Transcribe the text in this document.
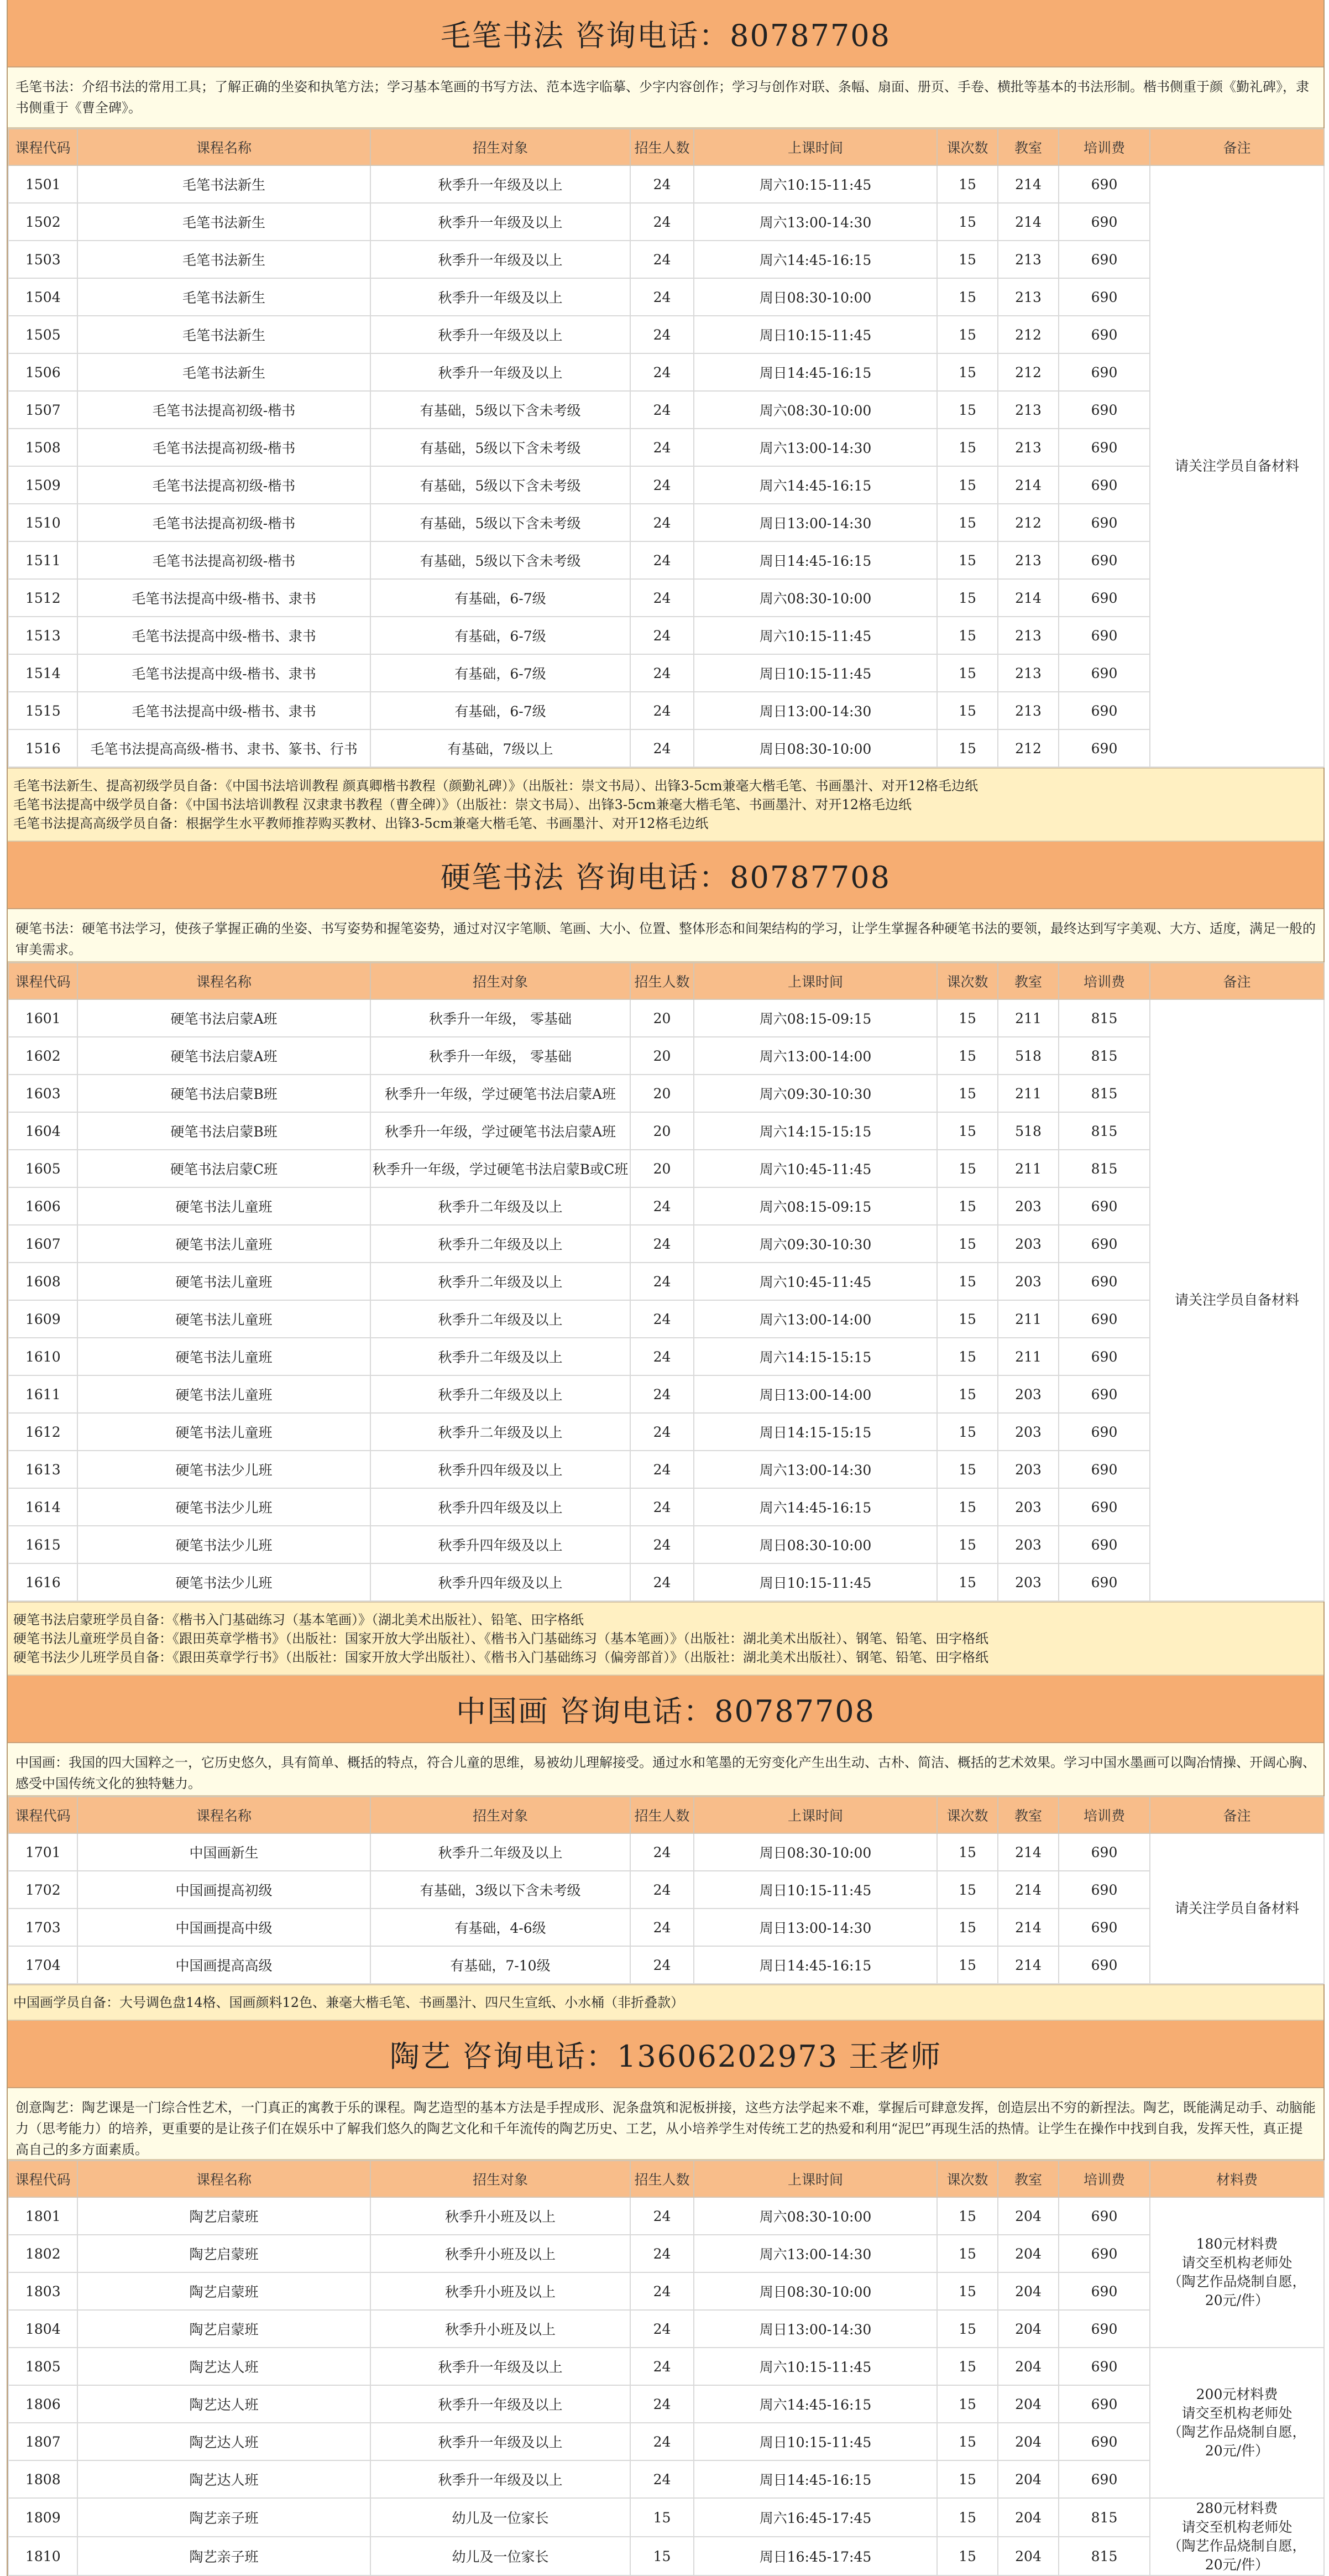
毛笔书法 咨询电话：80787708
毛笔书法：介绍书法的常用工具；了解正确的坐姿和执笔方法；学习基本笔画的书写方法、范本选字临摹、少字内容创作；学习与创作对联、条幅、扇面、册页、手卷、横批等基本的书法形制。楷书侧重于颜《勤礼碑》，隶书侧重于《曹全碑》。
课程代码	课程名称	招生对象	招生人数	上课时间	课次数	教室	培训费	备注
1501	毛笔书法新生	秋季升一年级及以上	24	周六10:15-11:45	15	214	690	请关注学员自备材料
1502	毛笔书法新生	秋季升一年级及以上	24	周六13:00-14:30	15	214	690	
1503	毛笔书法新生	秋季升一年级及以上	24	周六14:45-16:15	15	213	690	
1504	毛笔书法新生	秋季升一年级及以上	24	周日08:30-10:00	15	213	690	
1505	毛笔书法新生	秋季升一年级及以上	24	周日10:15-11:45	15	212	690	
1506	毛笔书法新生	秋季升一年级及以上	24	周日14:45-16:15	15	212	690	
1507	毛笔书法提高初级-楷书	有基础，5级以下含未考级	24	周六08:30-10:00	15	213	690	
1508	毛笔书法提高初级-楷书	有基础，5级以下含未考级	24	周六13:00-14:30	15	213	690	
1509	毛笔书法提高初级-楷书	有基础，5级以下含未考级	24	周六14:45-16:15	15	214	690	
1510	毛笔书法提高初级-楷书	有基础，5级以下含未考级	24	周日13:00-14:30	15	212	690	
1511	毛笔书法提高初级-楷书	有基础，5级以下含未考级	24	周日14:45-16:15	15	213	690	
1512	毛笔书法提高中级-楷书、隶书	有基础，6-7级	24	周六08:30-10:00	15	214	690	
1513	毛笔书法提高中级-楷书、隶书	有基础，6-7级	24	周六10:15-11:45	15	213	690	
1514	毛笔书法提高中级-楷书、隶书	有基础，6-7级	24	周日10:15-11:45	15	213	690	
1515	毛笔书法提高中级-楷书、隶书	有基础，6-7级	24	周日13:00-14:30	15	213	690	
1516	毛笔书法提高高级-楷书、隶书、篆书、行书	有基础，7级以上	24	周日08:30-10:00	15	212	690	
毛笔书法新生、提高初级学员自备：《中国书法培训教程 颜真卿楷书教程（颜勤礼碑）》（出版社：崇文书局）、出锋3-5cm兼毫大楷毛笔、书画墨汁、对开12格毛边纸
毛笔书法提高中级学员自备：《中国书法培训教程 汉隶隶书教程（曹全碑）》（出版社：崇文书局）、出锋3-5cm兼毫大楷毛笔、书画墨汁、对开12格毛边纸
毛笔书法提高高级学员自备：根据学生水平教师推荐购买教材、出锋3-5cm兼毫大楷毛笔、书画墨汁、对开12格毛边纸
硬笔书法 咨询电话：80787708
硬笔书法：硬笔书法学习，使孩子掌握正确的坐姿、书写姿势和握笔姿势，通过对汉字笔顺、笔画、大小、位置、整体形态和间架结构的学习，让学生掌握各种硬笔书法的要领，最终达到写字美观、大方、适度，满足一般的审美需求。
课程代码	课程名称	招生对象	招生人数	上课时间	课次数	教室	培训费	备注
1601	硬笔书法启蒙A班	秋季升一年级， 零基础	20	周六08:15-09:15	15	211	815	请关注学员自备材料
1602	硬笔书法启蒙A班	秋季升一年级， 零基础	20	周六13:00-14:00	15	518	815	
1603	硬笔书法启蒙B班	秋季升一年级，学过硬笔书法启蒙A班	20	周六09:30-10:30	15	211	815	
1604	硬笔书法启蒙B班	秋季升一年级，学过硬笔书法启蒙A班	20	周六14:15-15:15	15	518	815	
1605	硬笔书法启蒙C班	秋季升一年级，学过硬笔书法启蒙B或C班	20	周六10:45-11:45	15	211	815	
1606	硬笔书法儿童班	秋季升二年级及以上	24	周六08:15-09:15	15	203	690	
1607	硬笔书法儿童班	秋季升二年级及以上	24	周六09:30-10:30	15	203	690	
1608	硬笔书法儿童班	秋季升二年级及以上	24	周六10:45-11:45	15	203	690	
1609	硬笔书法儿童班	秋季升二年级及以上	24	周六13:00-14:00	15	211	690	
1610	硬笔书法儿童班	秋季升二年级及以上	24	周六14:15-15:15	15	211	690	
1611	硬笔书法儿童班	秋季升二年级及以上	24	周日13:00-14:00	15	203	690	
1612	硬笔书法儿童班	秋季升二年级及以上	24	周日14:15-15:15	15	203	690	
1613	硬笔书法少儿班	秋季升四年级及以上	24	周六13:00-14:30	15	203	690	
1614	硬笔书法少儿班	秋季升四年级及以上	24	周六14:45-16:15	15	203	690	
1615	硬笔书法少儿班	秋季升四年级及以上	24	周日08:30-10:00	15	203	690	
1616	硬笔书法少儿班	秋季升四年级及以上	24	周日10:15-11:45	15	203	690	
硬笔书法启蒙班学员自备：《楷书入门基础练习（基本笔画）》（湖北美术出版社）、铅笔、田字格纸
硬笔书法儿童班学员自备：《跟田英章学楷书》（出版社：国家开放大学出版社）、《楷书入门基础练习（基本笔画）》（出版社：湖北美术出版社）、钢笔、铅笔、田字格纸
硬笔书法少儿班学员自备：《跟田英章学行书》（出版社：国家开放大学出版社）、《楷书入门基础练习（偏旁部首）》（出版社：湖北美术出版社）、钢笔、铅笔、田字格纸
中国画 咨询电话：80787708
中国画：我国的四大国粹之一，它历史悠久，具有简单、概括的特点，符合儿童的思维，易被幼儿理解接受。通过水和笔墨的无穷变化产生出生动、古朴、简洁、概括的艺术效果。学习中国水墨画可以陶冶情操、开阔心胸、感受中国传统文化的独特魅力。
课程代码	课程名称	招生对象	招生人数	上课时间	课次数	教室	培训费	备注
1701	中国画新生	秋季升二年级及以上	24	周日08:30-10:00	15	214	690	请关注学员自备材料
1702	中国画提高初级	有基础，3级以下含未考级	24	周日10:15-11:45	15	214	690	
1703	中国画提高中级	有基础，4-6级	24	周日13:00-14:30	15	214	690	
1704	中国画提高高级	有基础，7-10级	24	周日14:45-16:15	15	214	690	
中国画学员自备：大号调色盘14格、国画颜料12色、兼毫大楷毛笔、书画墨汁、四尺生宣纸、小水桶（非折叠款）
陶艺 咨询电话：13606202973 王老师
创意陶艺：陶艺课是一门综合性艺术，一门真正的寓教于乐的课程。陶艺造型的基本方法是手捏成形、泥条盘筑和泥板拼接，这些方法学起来不难，掌握后可肆意发挥，创造层出不穷的新捏法。陶艺，既能满足动手、动脑能力（思考能力）的培养，更重要的是让孩子们在娱乐中了解我们悠久的陶艺文化和千年流传的陶艺历史、工艺，从小培养学生对传统工艺的热爱和利用“泥巴”再现生活的热情。让学生在操作中找到自我，发挥天性，真正提高自己的多方面素质。
课程代码	课程名称	招生对象	招生人数	上课时间	课次数	教室	培训费	材料费
1801	陶艺启蒙班	秋季升小班及以上	24	周六08:30-10:00	15	204	690	180元材料费
请交至机构老师处
（陶艺作品烧制自愿，
20元/件）
1802	陶艺启蒙班	秋季升小班及以上	24	周六13:00-14:30	15	204	690	
1803	陶艺启蒙班	秋季升小班及以上	24	周日08:30-10:00	15	204	690	
1804	陶艺启蒙班	秋季升小班及以上	24	周日13:00-14:30	15	204	690	
1805	陶艺达人班	秋季升一年级及以上	24	周六10:15-11:45	15	204	690	200元材料费
请交至机构老师处
（陶艺作品烧制自愿，
20元/件）
1806	陶艺达人班	秋季升一年级及以上	24	周六14:45-16:15	15	204	690	
1807	陶艺达人班	秋季升一年级及以上	24	周日10:15-11:45	15	204	690	
1808	陶艺达人班	秋季升一年级及以上	24	周日14:45-16:15	15	204	690	
1809	陶艺亲子班	幼儿及一位家长	15	周六16:45-17:45	15	204	815	280元材料费
请交至机构老师处
（陶艺作品烧制自愿，
20元/件）
1810	陶艺亲子班	幼儿及一位家长	15	周日16:45-17:45	15	204	815	
